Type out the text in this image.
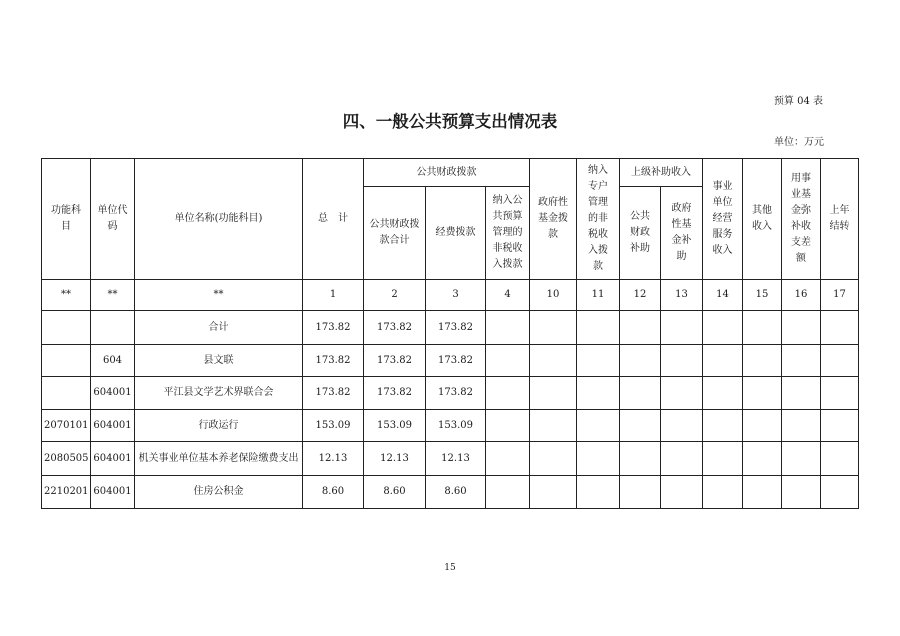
预算 04 表
四、一般公共预算支出情况表
单位：万元
功能科目	单位代码	单位名称(功能科目)	总　计	公共财政拨款			政府性基金拨款	纳入专户管理的非税收入拨款	上级补助收入		事业单位经营服务收入	其他收入	用事业基金弥补收支差额	上年结转
				公共财政拨款合计	经费拨款	纳入公共预算管理的非税收入拨款			公共财政补助	政府性基金补助				
**	**	**	1	2	3	4	10	11	12	13	14	15	16	17
		合计	173.82	173.82	173.82									
	604	县文联	173.82	173.82	173.82									
	604001	平江县文学艺术界联合会	173.82	173.82	173.82									
2070101	604001	行政运行	153.09	153.09	153.09									
2080505	604001	机关事业单位基本养老保险缴费支出	12.13	12.13	12.13									
2210201	604001	住房公积金	8.60	8.60	8.60									
15
